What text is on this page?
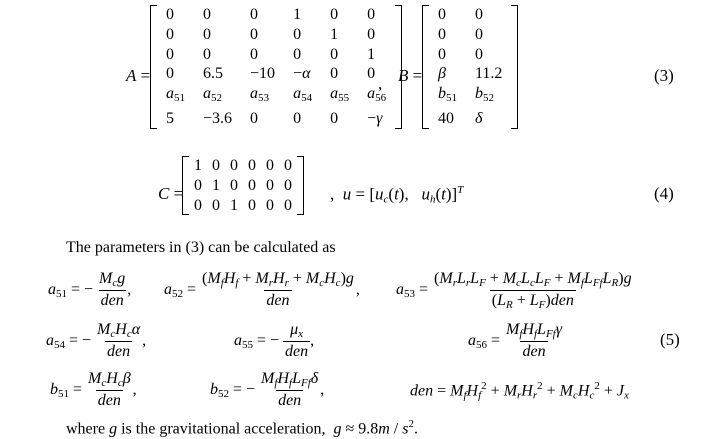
A =
0	0	0	1	0	0
0	0	0	0	1	0
0	0	0	0	0	1
0	6.5	−10	−α	0	0
$a_{51}$	$a_{52}$	$a_{53}$	$a_{54}$	$a_{55}$	$a_{56}$
5	−3.6	0	0	0	−γ
, B =
0	0
0	0
0	0
β	11.2
$b_{51}$	$b_{52}$
40	δ
(3)
C =
1	0	0	0	0	0
0	1	0	0	0	0
0	0	1	0	0	0
,  $u = [u_c(t)$,   $u_h(t)]^T$	(4)
The parameters in (3) can be calculated as
$a_{51}$ = − $\frac{M_cg}{\text{den}}$ , $a_{52} = \frac{(M_fH_f + M_rH_r + M_cH_c)g}{\text{den}}$ , $a_{53} = \frac{(M_rL_rL_F + M_cL_cL_F + M_fL_{Ff}L_R)g}{(L_R + L_F)den}$
$a_{54}$ = − $\frac{M_cH_c\alpha}{\text{den}}$ ,	$a_{55}$ = − $\frac{\mu_x}{\text{den}}$ ,	$a_{56} = \frac{M_fH_fL_{Ff}\gamma}{\text{den}}$	(5)
$b_{51} = \frac{M_cH_c\beta}{\text{den}}$ ,	$b_{52}$ = − $\frac{M_fH_fL_{Ff}\delta}{\text{den}}$ ,	den = $M_fH_f^2 + M_rH_r^2 + M_cH_c^2 + J_x$
where g is the gravitational acceleration,  $g \approx 9.8m / s^2$.
